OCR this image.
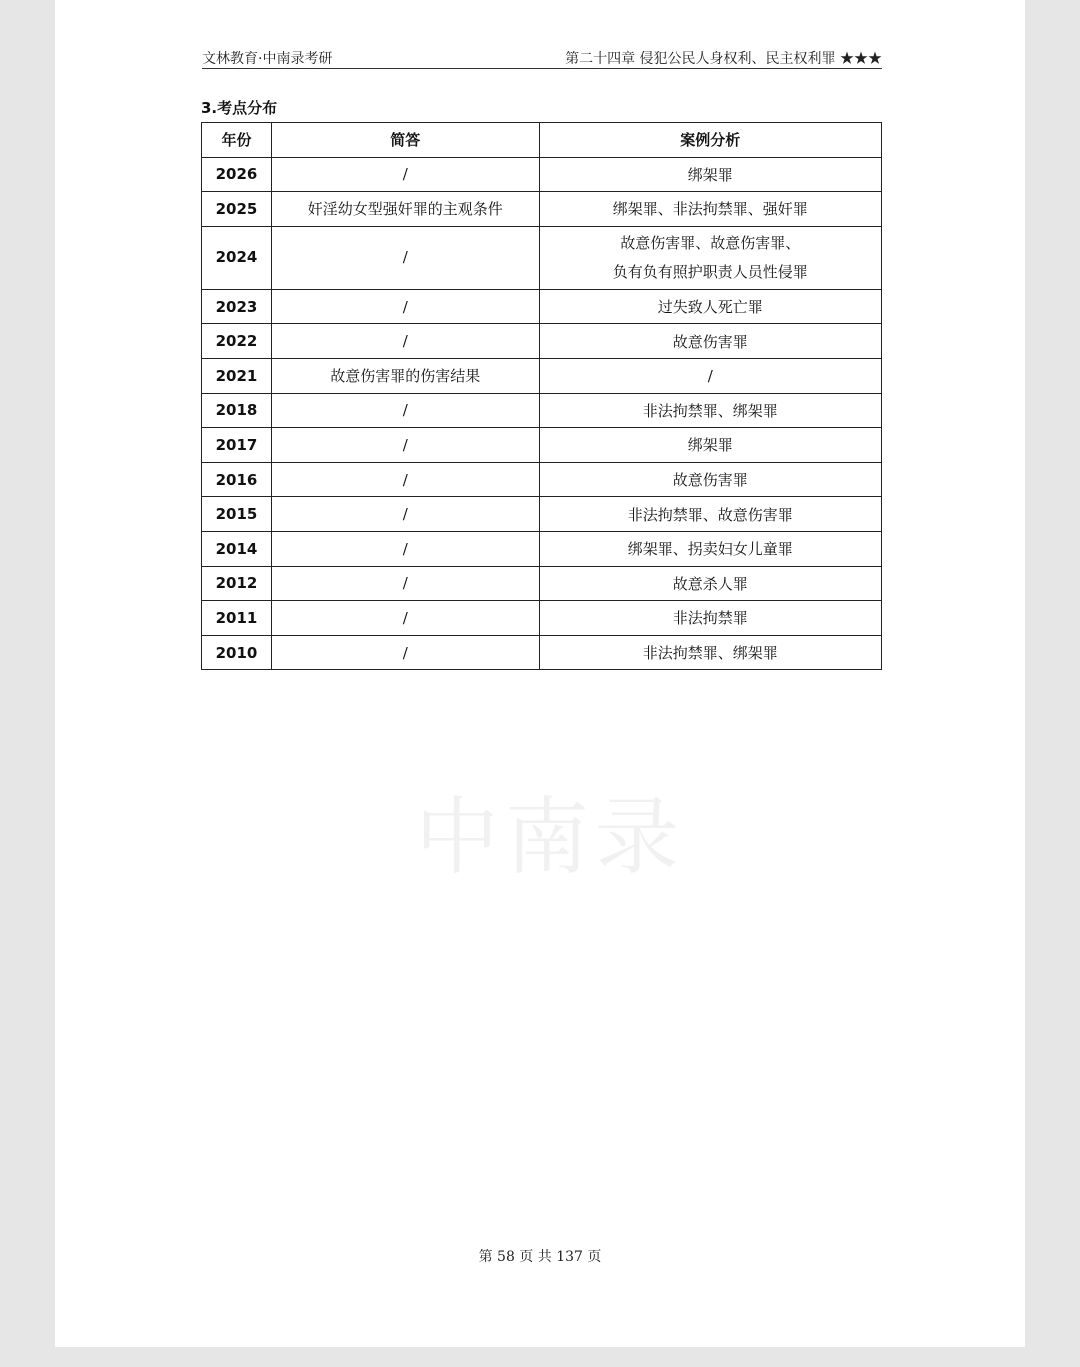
文林教育·中南录考研	第二十四章 侵犯公民人身权利、民主权利罪 ★★★
3.考点分布
中南录
年份	简答	案例分析
2026	/	绑架罪

2025	奸淫幼女型强奸罪的主观条件	绑架罪、非法拘禁罪、强奸罪

2024	/	故意伤害罪、故意伤害罪、
负有负有照护职责人员性侵罪

2023	/	过失致人死亡罪

2022	/	故意伤害罪

2021	故意伤害罪的伤害结果	/

2018	/	非法拘禁罪、绑架罪

2017	/	绑架罪

2016	/	故意伤害罪

2015	/	非法拘禁罪、故意伤害罪

2014	/	绑架罪、拐卖妇女儿童罪

2012	/	故意杀人罪

2011	/	非法拘禁罪

2010	/	非法拘禁罪、绑架罪
第 58 页 共 137 页
